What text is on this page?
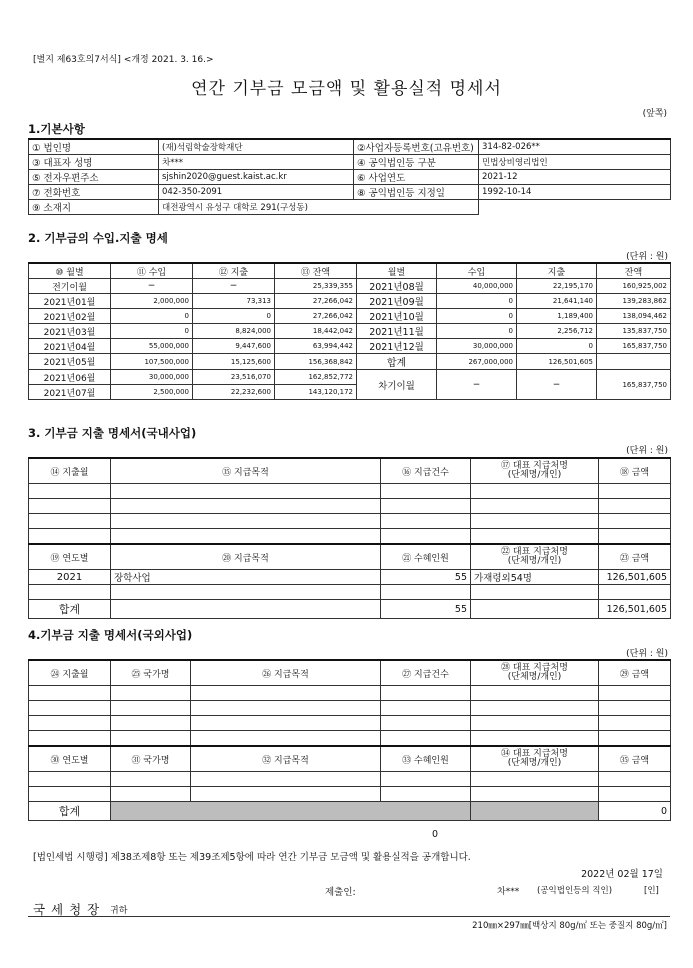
[별지 제63호의7서식] <개정 2021. 3. 16.>
연간 기부금 모금액 및 활용실적 명세서
(앞쪽)
1.기본사항
① 법인명	(재)석림학술장학재단	②사업자등록번호(고유번호)	314-82-026**
③ 대표자 성명	차***	④ 공익법인등 구분	민법상비영리법인
⑤ 전자우편주소	sjshin2020@guest.kaist.ac.kr	⑥ 사업연도	2021-12
⑦ 전화번호	042-350-2091	⑧ 공익법인등 지정일	1992-10-14
⑨ 소재지	대전광역시 유성구 대학로 291(구성동)		
2. 기부금의 수입.지출 명세
(단위 : 원)
⑩ 월별	⑪ 수입	⑫ 지출	⑬ 잔액	월별	수입	지출	잔액
전기이월	−	−	25,339,355	2021년08월	40,000,000	22,195,170	160,925,002
2021년01월	2,000,000	73,313	27,266,042	2021년09월	0	21,641,140	139,283,862
2021년02월	0	0	27,266,042	2021년10월	0	1,189,400	138,094,462
2021년03월	0	8,824,000	18,442,042	2021년11월	0	2,256,712	135,837,750
2021년04월	55,000,000	9,447,600	63,994,442	2021년12월	30,000,000	0	165,837,750
2021년05월	107,500,000	15,125,600	156,368,842	합계	267,000,000	126,501,605	
2021년06월	30,000,000	23,516,070	162,852,772	차기이월	−	−	165,837,750
2021년07월	2,500,000	22,232,600	143,120,172				
3. 기부금 지출 명세서(국내사업)
(단위 : 원)
⑭ 지출월	⑮ 지급목적	⑯ 지급건수	⑰ 대표 지급처명
(단체명/개인)	⑱ 금액

⑲ 연도별	⑳ 지급목적	㉑ 수혜인원	㉒ 대표 지급처명
(단체명/개인)	㉓ 금액
2021	장학사업	55	가재령외54명	126,501,605

합계		55		126,501,605
4.기부금 지출 명세서(국외사업)
(단위 : 원)
㉔ 지출월	㉕ 국가명	㉖ 지급목적	㉗ 지급건수	㉘ 대표 지급처명
(단체명/개인)	㉙ 금액

㉚ 연도별	㉛ 국가명	㉜ 지급목적	㉝ 수혜인원	㉞ 대표 지급처명
(단체명/개인)	㉟ 금액

합계					0
0
[법인세법 시행령] 제38조제8항 또는 제39조제5항에 따라 연간 기부금 모금액 및 활용실적을 공개합니다.
2022년 02월 17일
제출인:	차*** (공익법인등의 직인)	[인]
국 세 청 장 귀하
210㎜×297㎜[백상지 80g/㎡ 또는 중질지 80g/㎡]
